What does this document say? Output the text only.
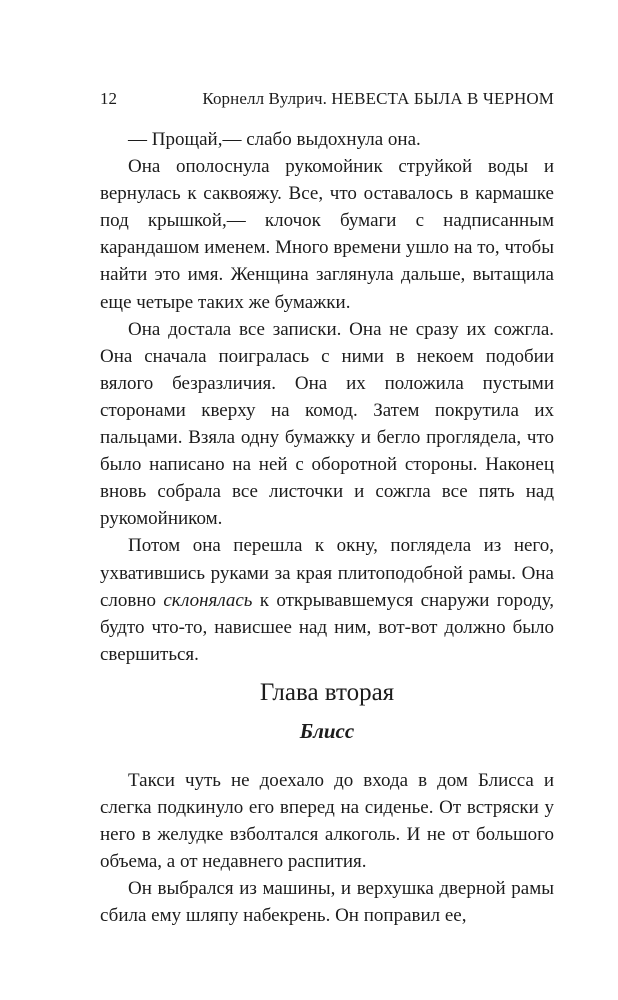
12	Корнелл Вулрич. НЕВЕСТА БЫЛА В ЧЕРНОМ

— Прощай,— слабо выдохнула она.

Она ополоснула рукомойник струйкой воды и вернулась к саквояжу. Все, что оставалось в кармашке под крышкой,— клочок бумаги с надписанным карандашом именем. Много времени ушло на то, чтобы найти это имя. Женщина заглянула дальше, вытащила еще четыре таких же бумажки.

Она достала все записки. Она не сразу их сожгла. Она сначала поигралась с ними в некоем подобии вялого безразличия. Она их положила пустыми сторонами кверху на комод. Затем покрутила их пальцами. Взяла одну бумажку и бегло проглядела, что было написано на ней с оборотной стороны. Наконец вновь собрала все листочки и сожгла все пять над рукомойником.

Потом она перешла к окну, поглядела из него, ухватившись руками за края плитоподобной рамы. Она словно склонялась к открывавшемуся снаружи городу, будто что-то, нависшее над ним, вот-вот должно было свершиться.

Глава вторая
Блисс

Такси чуть не доехало до входа в дом Блисса и слегка подкинуло его вперед на сиденье. От встряски у него в желудке взболтался алкоголь. И не от большого объема, а от недавнего распития.

Он выбрался из машины, и верхушка дверной рамы сбила ему шляпу набекрень. Он поправил ее,
